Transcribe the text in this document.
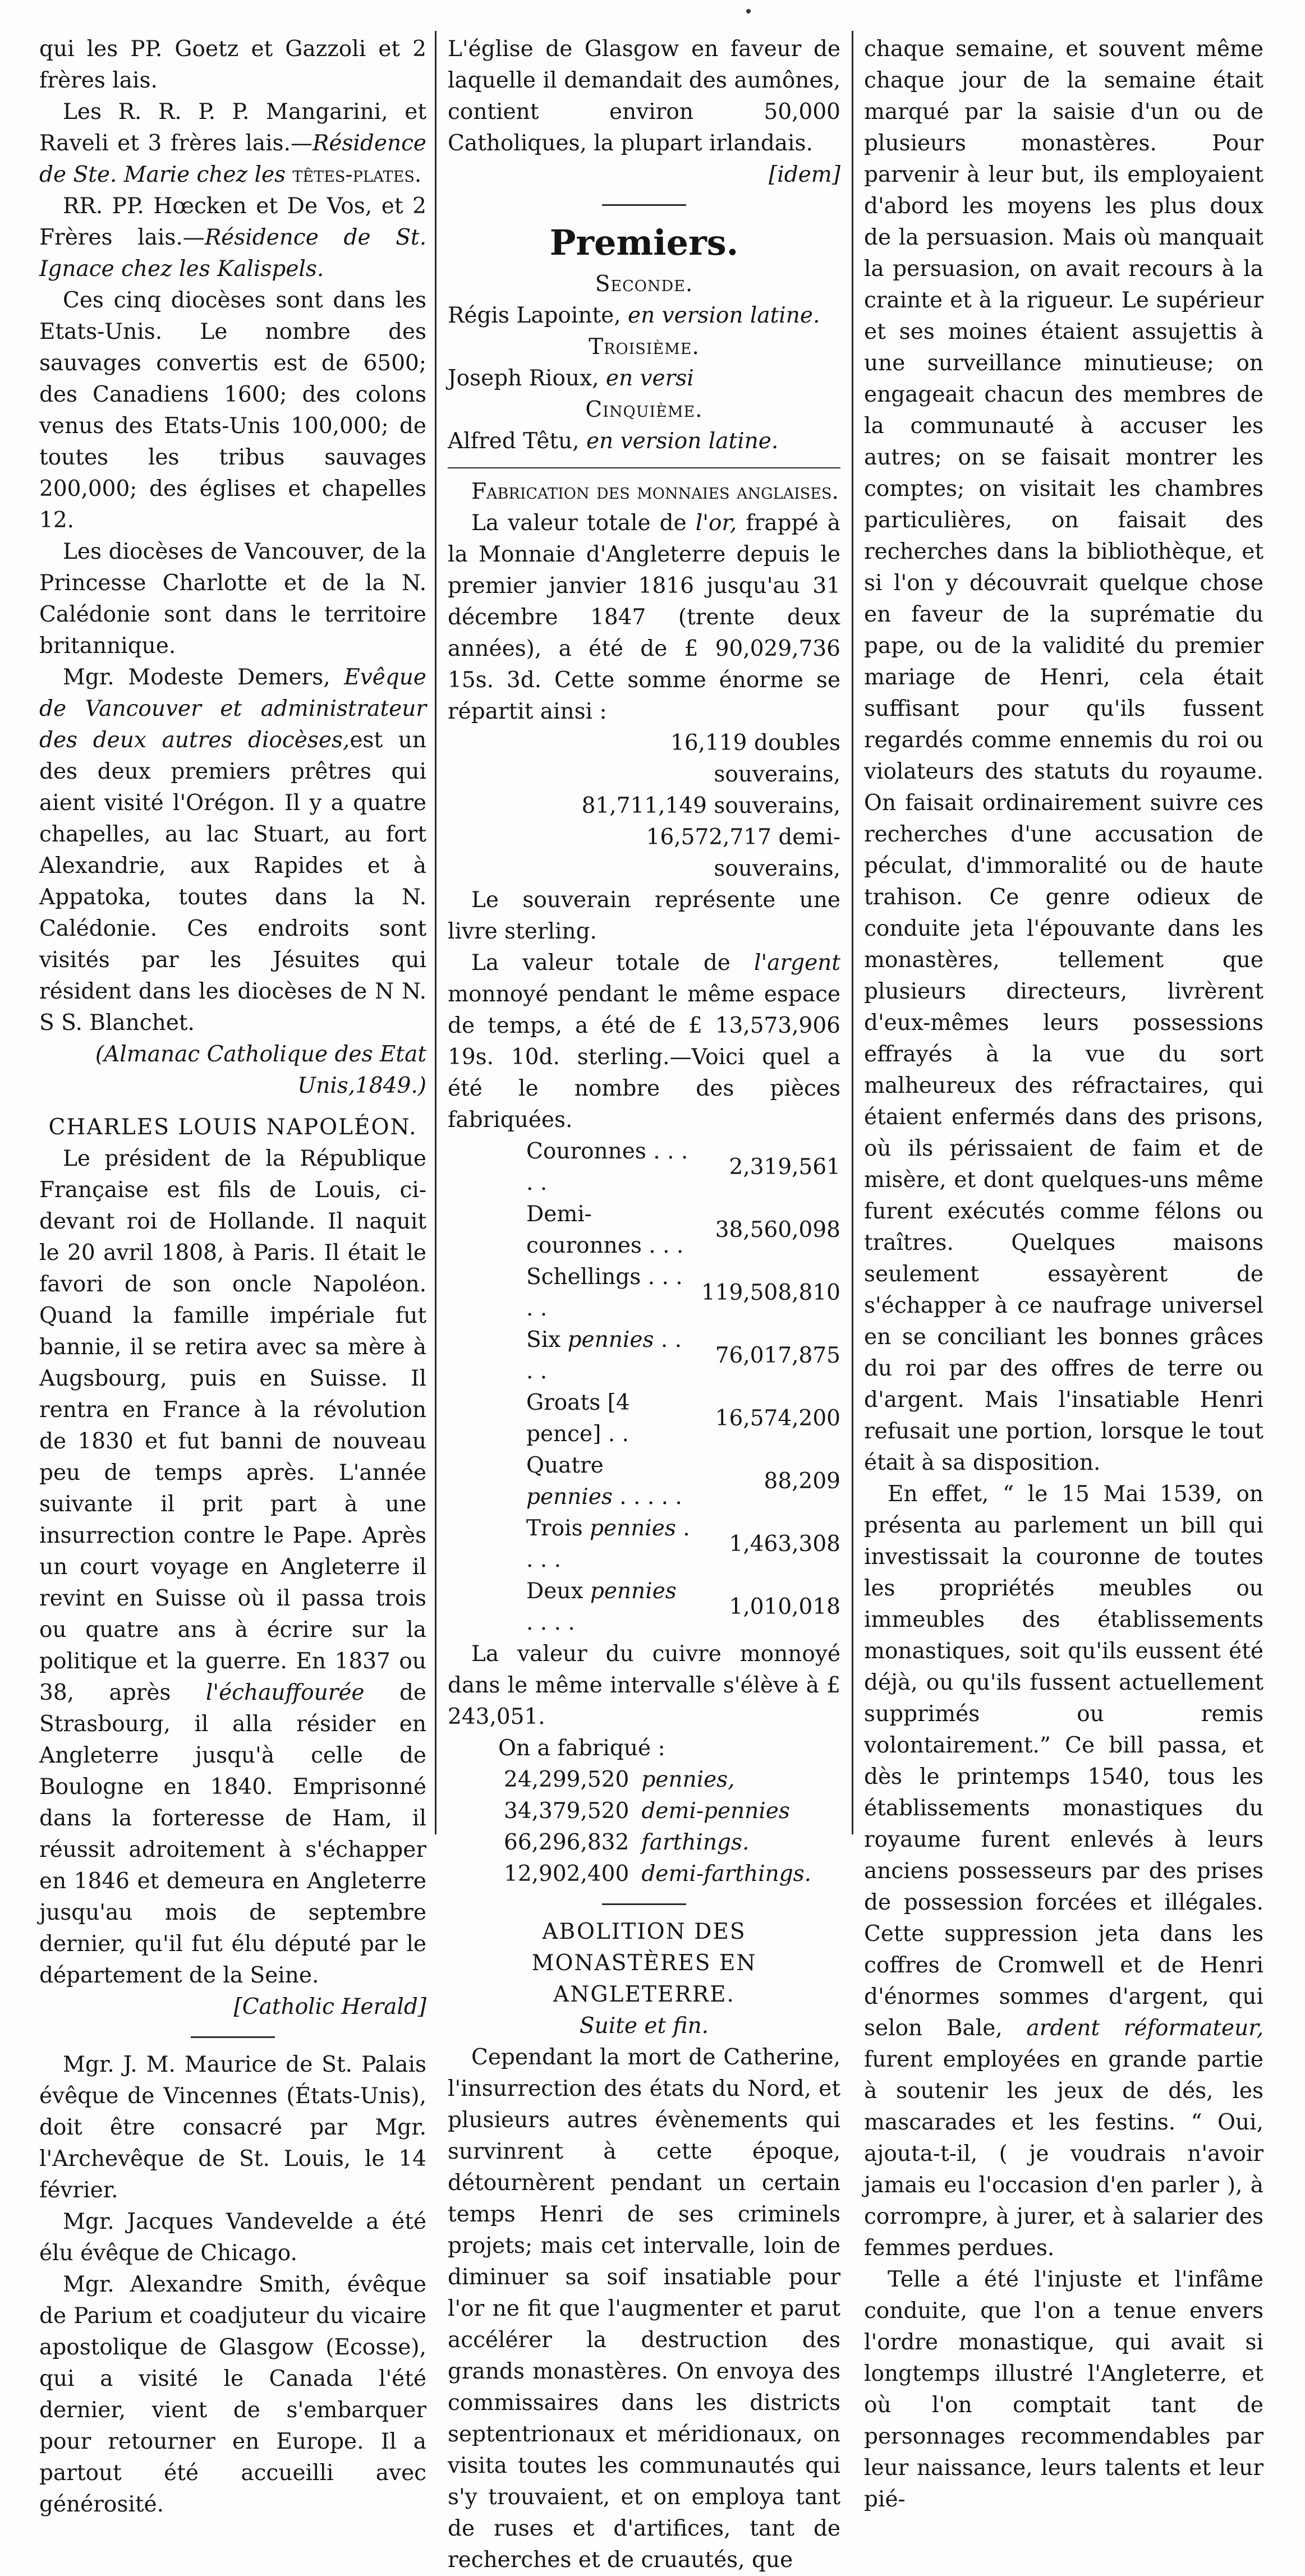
qui les PP. Goetz et Gazzoli et 2 frères lais.

Les R. R. P. P. Mangarini, et Raveli et 3 frères lais.—Résidence de Ste. Marie chez les têtes-plates.

RR. PP. Hœcken et De Vos, et 2 Frères lais.—Résidence de St. Ignace chez les Kalispels.

Ces cinq diocèses sont dans les Etats-Unis. Le nombre des sauvages convertis est de 6500; des Canadiens 1600; des colons venus des Etats-Unis 100,000; de toutes les tribus sauvages 200,000; des églises et chapelles 12.

Les diocèses de Vancouver, de la Princesse Charlotte et de la N. Calédonie sont dans le territoire britannique.

Mgr. Modeste Demers, Evêque de Vancouver et administrateur des deux autres diocèses,est un des deux premiers prêtres qui aient visité l'Orégon. Il y a quatre chapelles, au lac Stuart, au fort Alexandrie, aux Rapides et à Appatoka, toutes dans la N. Calédonie. Ces endroits sont visités par les Jésuites qui résident dans les diocèses de N N. S S. Blanchet.

(Almanac Catholique des Etat Unis,1849.)

CHARLES LOUIS NAPOLÉON.

Le président de la République Française est fils de Louis, ci-devant roi de Hollande. Il naquit le 20 avril 1808, à Paris. Il était le favori de son oncle Napoléon. Quand la famille impériale fut bannie, il se retira avec sa mère à Augsbourg, puis en Suisse. Il rentra en France à la révolution de 1830 et fut banni de nouveau peu de temps après. L'année suivante il prit part à une insurrection contre le Pape. Après un court voyage en Angleterre il revint en Suisse où il passa trois ou quatre ans à écrire sur la politique et la guerre. En 1837 ou 38, après l'échauffourée de Strasbourg, il alla résider en Angleterre jusqu'à celle de Boulogne en 1840. Emprisonné dans la forteresse de Ham, il réussit adroitement à s'échapper en 1846 et demeura en Angleterre jusqu'au mois de septembre dernier, qu'il fut élu député par le département de la Seine.

[Catholic Herald]

Mgr. J. M. Maurice de St. Palais évêque de Vincennes (États-Unis), doit être consacré par Mgr. l'Archevêque de St. Louis, le 14 février.

Mgr. Jacques Vandevelde a été élu évêque de Chicago.

Mgr. Alexandre Smith, évêque de Parium et coadjuteur du vicaire apostolique de Glasgow (Ecosse), qui a visité le Canada l'été dernier, vient de s'embarquer pour retourner en Europe. Il a partout été accueilli avec générosité.

L'église de Glasgow en faveur de laquelle il demandait des aumônes, contient environ 50,000 Catholiques, la plupart irlandais.

[idem]

Premiers.
Seconde.
Régis Lapointe, en version latine.
Troisième.
Joseph Rioux, en versi
Cinquième.
Alfred Têtu, en version latine.

Fabrication des monnaies anglaises.

La valeur totale de l'or, frappé à la Monnaie d'Angleterre depuis le premier janvier 1816 jusqu'au 31 décembre 1847 (trente deux années), a été de £ 90,029,736 15s. 3d. Cette somme énorme se répartit ainsi :

16,119 doubles souverains,
81,711,149 souverains,
16,572,717 demi-souverains,

Le souverain représente une livre sterling.

La valeur totale de l'argent monnoyé pendant le même espace de temps, a été de £ 13,573,906 19s. 10d. sterling.—Voici quel a été le nombre des pièces fabriquées.

Couronnes . . . . .	2,319,561
Demi-couronnes . . .	38,560,098
Schellings . . . . .	119,508,810
Six pennies . . . .	76,017,875
Groats [4 pence] . .	16,574,200
Quatre pennies . . . . .	88,209
Trois pennies . . . .	1,463,308
Deux pennies . . . .	1,010,018

La valeur du cuivre monnoyé dans le même intervalle s'élève à £ 243,051.

On a fabriqué :

24,299,520	pennies,
34,379,520	demi-pennies
66,296,832	farthings.
12,902,400	demi-farthings.

ABOLITION DES MONASTÈRES EN ANGLETERRE.

Suite et fin.

Cependant la mort de Catherine, l'insurrection des états du Nord, et plusieurs autres évènements qui survinrent à cette époque, détournèrent pendant un certain temps Henri de ses criminels projets; mais cet intervalle, loin de diminuer sa soif insatiable pour l'or ne fit que l'augmenter et parut accélérer la destruction des grands monastères. On envoya des commissaires dans les districts septentrionaux et méridionaux, on visita toutes les communautés qui s'y trouvaient, et on employa tant de ruses et d'artifices, tant de recherches et de cruautés, que

chaque semaine, et souvent même chaque jour de la semaine était marqué par la saisie d'un ou de plusieurs monastères. Pour parvenir à leur but, ils employaient d'abord les moyens les plus doux de la persuasion. Mais où manquait la persuasion, on avait recours à la crainte et à la rigueur. Le supérieur et ses moines étaient assujettis à une surveillance minutieuse; on engageait chacun des membres de la communauté à accuser les autres; on se faisait montrer les comptes; on visitait les chambres particulières, on faisait des recherches dans la bibliothèque, et si l'on y découvrait quelque chose en faveur de la suprématie du pape, ou de la validité du premier mariage de Henri, cela était suffisant pour qu'ils fussent regardés comme ennemis du roi ou violateurs des statuts du royaume. On faisait ordinairement suivre ces recherches d'une accusation de péculat, d'immoralité ou de haute trahison. Ce genre odieux de conduite jeta l'épouvante dans les monastères, tellement que plusieurs directeurs, livrèrent d'eux-mêmes leurs possessions effrayés à la vue du sort malheureux des réfractaires, qui étaient enfermés dans des prisons, où ils périssaient de faim et de misère, et dont quelques-uns même furent exécutés comme félons ou traîtres. Quelques maisons seulement essayèrent de s'échapper à ce naufrage universel en se conciliant les bonnes grâces du roi par des offres de terre ou d'argent. Mais l'insatiable Henri refusait une portion, lorsque le tout était à sa disposition.

En effet, “ le 15 Mai 1539, on présenta au parlement un bill qui investissait la couronne de toutes les propriétés meubles ou immeubles des établissements monastiques, soit qu'ils eussent été déjà, ou qu'ils fussent actuellement supprimés ou remis volontairement.” Ce bill passa, et dès le printemps 1540, tous les établissements monastiques du royaume furent enlevés à leurs anciens possesseurs par des prises de possession forcées et illégales. Cette suppression jeta dans les coffres de Cromwell et de Henri d'énormes sommes d'argent, qui selon Bale, ardent réformateur, furent employées en grande partie à soutenir les jeux de dés, les mascarades et les festins. “ Oui, ajouta-t-il, ( je voudrais n'avoir jamais eu l'occasion d'en parler ), à corrompre, à jurer, et à salarier des femmes perdues.

Telle a été l'injuste et l'infâme conduite, que l'on a tenue envers l'ordre monastique, qui avait si longtemps illustré l'Angleterre, et où l'on comptait tant de personnages recommendables par leur naissance, leurs talents et leur pié-
